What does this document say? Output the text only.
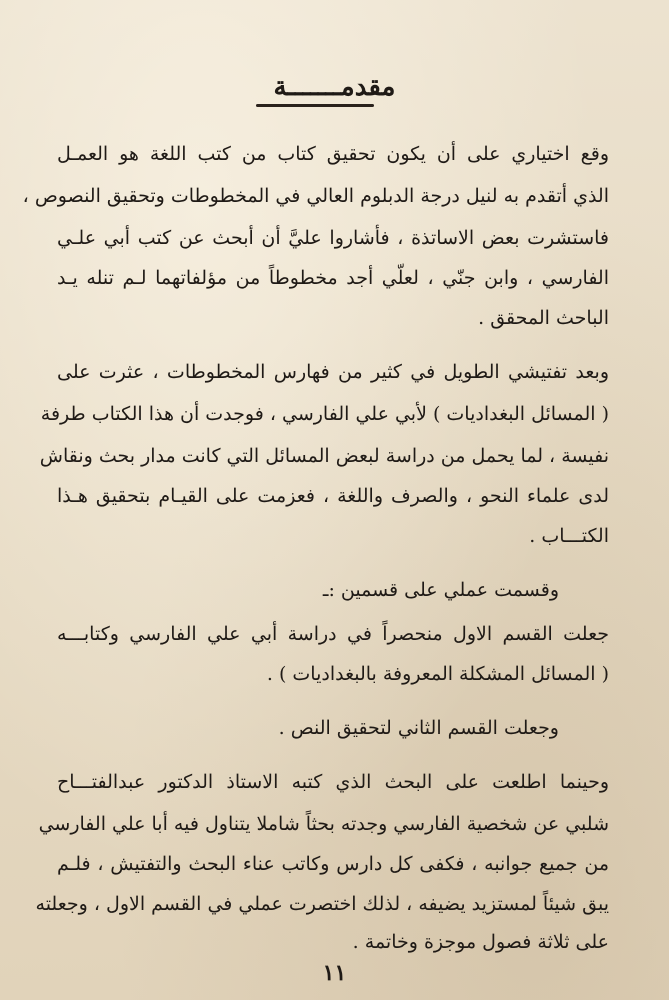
مقدمـــــــة
وقع اختياري على أن يكون تحقيق كتاب من كتب اللغة هو العمـل
الذي أتقدم به لنيل درجة الدبلوم العالي في المخطوطات وتحقيق النصوص ،
فاستشرت بعض الاساتذة ، فأشاروا عليَّ أن أبحث عن كتب أبي علـي
الفارسي ، وابن جنّي ، لعلّي أجد مخطوطاً من مؤلفاتهما لـم تنله يـد
الباحث المحقق .
وبعد تفتيشي الطويل في كثير من فهارس المخطوطات ، عثرت على
( المسائل البغداديات ) لأبي علي الفارسي ، فوجدت أن هذا الكتاب طرفة
نفيسة ، لما يحمل من دراسة لبعض المسائل التي كانت مدار بحث ونقاش
لدى علماء النحو ، والصرف واللغة ، فعزمت على القيـام بتحقيق هـذا
الكتـــاب .
وقسمت عملي على قسمين :ـ
جعلت القسم الاول منحصراً في دراسة أبي علي الفارسي وكتابـــه
( المسائل المشكلة المعروفة بالبغداديات ) .
وجعلت القسم الثاني لتحقيق النص .
وحينما اطلعت على البحث الذي كتبه الاستاذ الدكتور عبدالفتـــاح
شلبي عن شخصية الفارسي وجدته بحثاً شاملا يتناول فيه أبا علي الفارسي
من جميع جوانبه ، فكفى كل دارس وكاتب عناء البحث والتفتيش ، فلـم
يبق شيئاً لمستزيد يضيفه ، لذلك اختصرت عملي في القسم الاول ، وجعلته
على ثلاثة فصول موجزة وخاتمة .
١١
